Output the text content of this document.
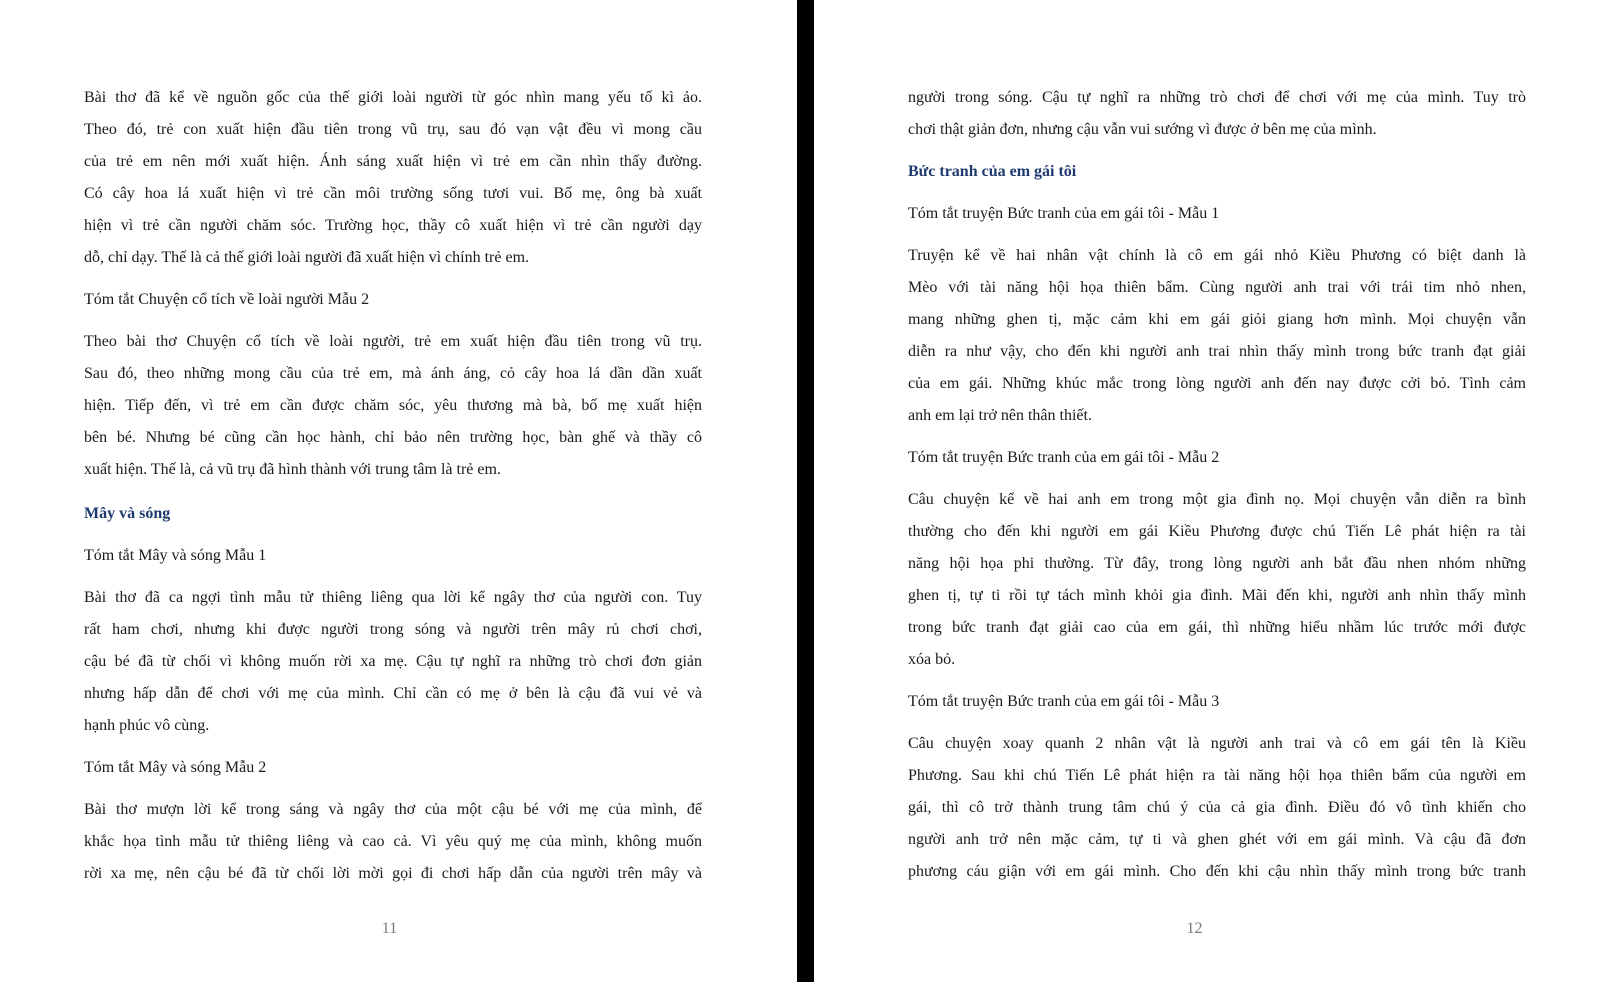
Bài thơ đã kể về nguồn gốc của thế giới loài người từ góc nhìn mang yếu tố kì ảo.
Theo đó, trẻ con xuất hiện đầu tiên trong vũ trụ, sau đó vạn vật đều vì mong cầu
của trẻ em nên mới xuất hiện. Ánh sáng xuất hiện vì trẻ em cần nhìn thấy đường.
Có cây hoa lá xuất hiện vì trẻ cần môi trường sống tươi vui. Bố mẹ, ông bà xuất
hiện vì trẻ cần người chăm sóc. Trường học, thầy cô xuất hiện vì trẻ cần người dạy
dỗ, chỉ dạy. Thế là cả thế giới loài người đã xuất hiện vì chính trẻ em.
Tóm tắt Chuyện cổ tích về loài người Mẫu 2
Theo bài thơ Chuyện cổ tích về loài người, trẻ em xuất hiện đầu tiên trong vũ trụ.
Sau đó, theo những mong cầu của trẻ em, mà ánh áng, cỏ cây hoa lá dần dần xuất
hiện. Tiếp đến, vì trẻ em cần được chăm sóc, yêu thương mà bà, bố mẹ xuất hiện
bên bé. Nhưng bé cũng cần học hành, chỉ bảo nên trường học, bàn ghế và thầy cô
xuất hiện. Thế là, cả vũ trụ đã hình thành với trung tâm là trẻ em.
Mây và sóng
Tóm tắt Mây và sóng Mẫu 1
Bài thơ đã ca ngợi tình mẫu tử thiêng liêng qua lời kể ngây thơ của người con. Tuy
rất ham chơi, nhưng khi được người trong sóng và người trên mây rủ chơi chơi,
cậu bé đã từ chối vì không muốn rời xa mẹ. Cậu tự nghĩ ra những trò chơi đơn giản
nhưng hấp dẫn để chơi với mẹ của mình. Chỉ cần có mẹ ở bên là cậu đã vui vẻ và
hạnh phúc vô cùng.
Tóm tắt Mây và sóng Mẫu 2
Bài thơ mượn lời kể trong sáng và ngây thơ của một cậu bé với mẹ của mình, để
khắc họa tình mẫu tử thiêng liêng và cao cả. Vì yêu quý mẹ của mình, không muốn
rời xa mẹ, nên cậu bé đã từ chối lời mời gọi đi chơi hấp dẫn của người trên mây và
11
người trong sóng. Cậu tự nghĩ ra những trò chơi để chơi với mẹ của mình. Tuy trò
chơi thật giản đơn, nhưng cậu vẫn vui sướng vì được ở bên mẹ của mình.
Bức tranh của em gái tôi
Tóm tắt truyện Bức tranh của em gái tôi - Mẫu 1
Truyện kể về hai nhân vật chính là cô em gái nhỏ Kiều Phương có biệt danh là
Mèo với tài năng hội họa thiên bẩm. Cùng người anh trai với trái tim nhỏ nhen,
mang những ghen tị, mặc cảm khi em gái giỏi giang hơn mình. Mọi chuyện vẫn
diễn ra như vậy, cho đến khi người anh trai nhìn thấy mình trong bức tranh đạt giải
của em gái. Những khúc mắc trong lòng người anh đến nay được cởi bỏ. Tình cảm
anh em lại trở nên thân thiết.
Tóm tắt truyện Bức tranh của em gái tôi - Mẫu 2
Câu chuyện kể về hai anh em trong một gia đình nọ. Mọi chuyện vẫn diễn ra bình
thường cho đến khi người em gái Kiều Phương được chú Tiến Lê phát hiện ra tài
năng hội họa phi thường. Từ đây, trong lòng người anh bắt đầu nhen nhóm những
ghen tị, tự ti rồi tự tách mình khỏi gia đình. Mãi đến khi, người anh nhìn thấy mình
trong bức tranh đạt giải cao của em gái, thì những hiểu nhầm lúc trước mới được
xóa bỏ.
Tóm tắt truyện Bức tranh của em gái tôi - Mẫu 3
Câu chuyện xoay quanh 2 nhân vật là người anh trai và cô em gái tên là Kiều
Phương. Sau khi chú Tiến Lê phát hiện ra tài năng hội họa thiên bẩm của người em
gái, thì cô trở thành trung tâm chú ý của cả gia đình. Điều đó vô tình khiến cho
người anh trở nên mặc cảm, tự ti và ghen ghét với em gái mình. Và cậu đã đơn
phương cáu giận với em gái mình. Cho đến khi cậu nhìn thấy mình trong bức tranh
12
